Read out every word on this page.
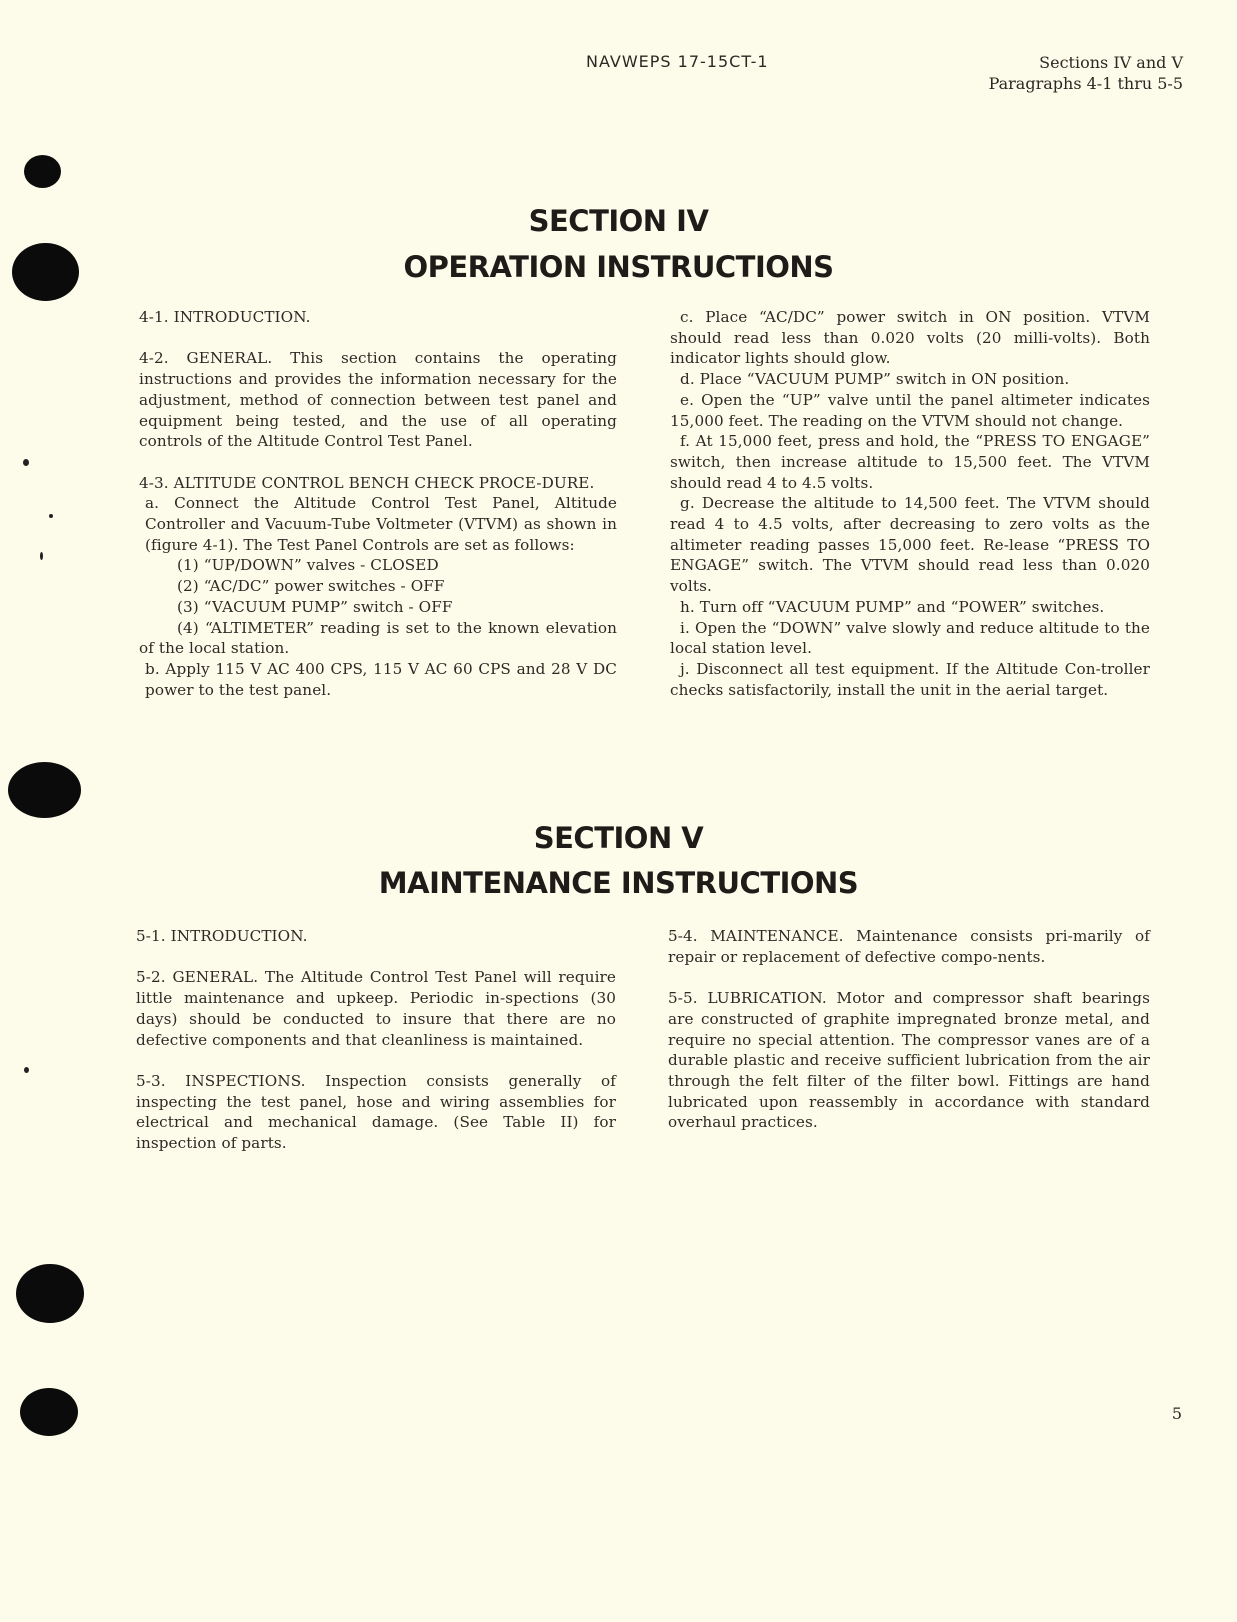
NAVWEPS 17-15CT-1	Sections IV and V
Paragraphs 4-1 thru 5-5
SECTION IV
OPERATION INSTRUCTIONS

4-1. INTRODUCTION.

4-2. GENERAL. This section contains the operating instructions and provides the information necessary for the adjustment, method of connection between test panel and equipment being tested, and the use of all operating controls of the Altitude Control Test Panel.

4-3. ALTITUDE CONTROL BENCH CHECK PROCE-DURE.

a. Connect the Altitude Control Test Panel, Altitude Controller and Vacuum-Tube Voltmeter (VTVM) as shown in (figure 4-1). The Test Panel Controls are set as follows:

(1) “UP/DOWN” valves - CLOSED

(2) “AC/DC” power switches - OFF

(3) “VACUUM PUMP” switch - OFF

(4) “ALTIMETER” reading is set to the known elevation of the local station.

b. Apply 115 V AC 400 CPS, 115 V AC 60 CPS and 28 V DC power to the test panel.

c. Place “AC/DC” power switch in ON position. VTVM should read less than 0.020 volts (20 milli-volts). Both indicator lights should glow.

d. Place “VACUUM PUMP” switch in ON position.

e. Open the “UP” valve until the panel altimeter indicates 15,000 feet. The reading on the VTVM should not change.

f. At 15,000 feet, press and hold, the “PRESS TO ENGAGE” switch, then increase altitude to 15,500 feet. The VTVM should read 4 to 4.5 volts.

g. Decrease the altitude to 14,500 feet. The VTVM should read 4 to 4.5 volts, after decreasing to zero volts as the altimeter reading passes 15,000 feet. Re-lease “PRESS TO ENGAGE” switch. The VTVM should read less than 0.020 volts.

h. Turn off “VACUUM PUMP” and “POWER” switches.

i. Open the “DOWN” valve slowly and reduce altitude to the local station level.

j. Disconnect all test equipment. If the Altitude Con-troller checks satisfactorily, install the unit in the aerial target.

SECTION V
MAINTENANCE INSTRUCTIONS

5-1. INTRODUCTION.

5-2. GENERAL. The Altitude Control Test Panel will require little maintenance and upkeep. Periodic in-spections (30 days) should be conducted to insure that there are no defective components and that cleanliness is maintained.

5-3. INSPECTIONS. Inspection consists generally of inspecting the test panel, hose and wiring assemblies for electrical and mechanical damage. (See Table II) for inspection of parts.

5-4. MAINTENANCE. Maintenance consists pri-marily of repair or replacement of defective compo-nents.

5-5. LUBRICATION. Motor and compressor shaft bearings are constructed of graphite impregnated bronze metal, and require no special attention. The compressor vanes are of a durable plastic and receive sufficient lubrication from the air through the felt filter of the filter bowl. Fittings are hand lubricated upon reassembly in accordance with standard overhaul practices.

5
